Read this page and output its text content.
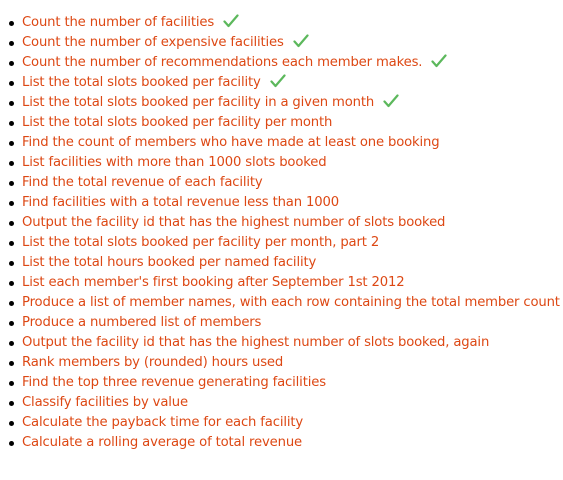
Count the number of facilities
Count the number of expensive facilities
Count the number of recommendations each member makes.
List the total slots booked per facility
List the total slots booked per facility in a given month
List the total slots booked per facility per month
Find the count of members who have made at least one booking
List facilities with more than 1000 slots booked
Find the total revenue of each facility
Find facilities with a total revenue less than 1000
Output the facility id that has the highest number of slots booked
List the total slots booked per facility per month, part 2
List the total hours booked per named facility
List each member's first booking after September 1st 2012
Produce a list of member names, with each row containing the total member count
Produce a numbered list of members
Output the facility id that has the highest number of slots booked, again
Rank members by (rounded) hours used
Find the top three revenue generating facilities
Classify facilities by value
Calculate the payback time for each facility
Calculate a rolling average of total revenue
